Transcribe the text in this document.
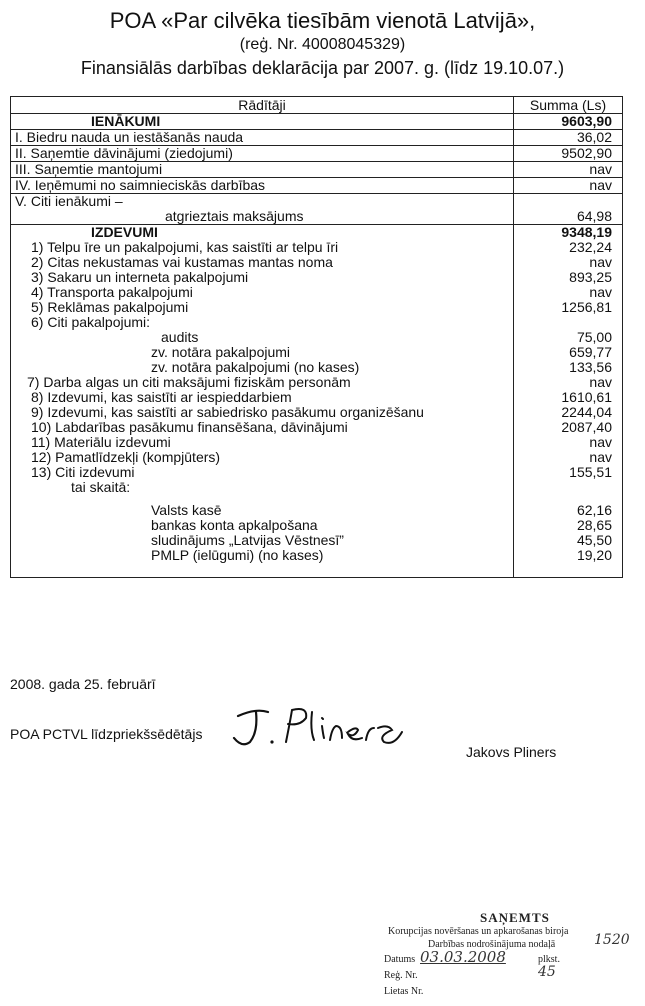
POA «Par cilvēka tiesībām vienotā Latvijā»,
(reģ. Nr. 40008045329)
Finansiālās darbības deklarācija par 2007. g. (līdz 19.10.07.)
Rādītāji	Summa (Ls)
IENĀKUMI	9603,90
I. Biedru nauda un iestāšanās nauda	36,02
II. Saņemtie dāvinājumi (ziedojumi)	9502,90
III. Saņemtie mantojumi	nav
IV. Ieņēmumi no saimnieciskās darbības	nav

V. Citi ienākumi –
atgrieztais maksājums	64,98
IZDEVUMI	9348,19
1) Telpu īre un pakalpojumi, kas saistīti ar telpu īri	232,24
2) Citas nekustamas vai kustamas mantas noma	nav
3) Sakaru un interneta pakalpojumi	893,25
4) Transporta pakalpojumi	nav
5) Reklāmas pakalpojumi	1256,81
6) Citi pakalpojumi:	
audits	75,00
zv. notāra pakalpojumi	659,77
zv. notāra pakalpojumi (no kases)	133,56
7) Darba algas un citi maksājumi fiziskām personām	nav
8) Izdevumi, kas saistīti ar iespieddarbiem	1610,61
9) Izdevumi, kas saistīti ar sabiedrisko pasākumu organizēšanu	2244,04
10) Labdarības pasākumu finansēšana, dāvinājumi	2087,40
11) Materiālu izdevumi	nav
12) Pamatlīdzekļi (kompjūters)	nav
13) Citi izdevumi	155,51
tai skaitā:	

Valsts kasē	62,16
bankas konta apkalpošana	28,65
sludinājums „Latvijas Vēstnesī”	45,50
PMLP (ielūgumi) (no kases)	19,20

2008. gada 25. februārī
POA PCTVL līdzpriekšsēdētājs
Jakovs Pliners
SAŅEMTS
Korupcijas novēršanas un apkarošanas biroja
Darbības nodrošinājuma nodaļā	1520
Datums 03.03.2008	plkst.
Reģ. Nr.	45
Lietas Nr.
